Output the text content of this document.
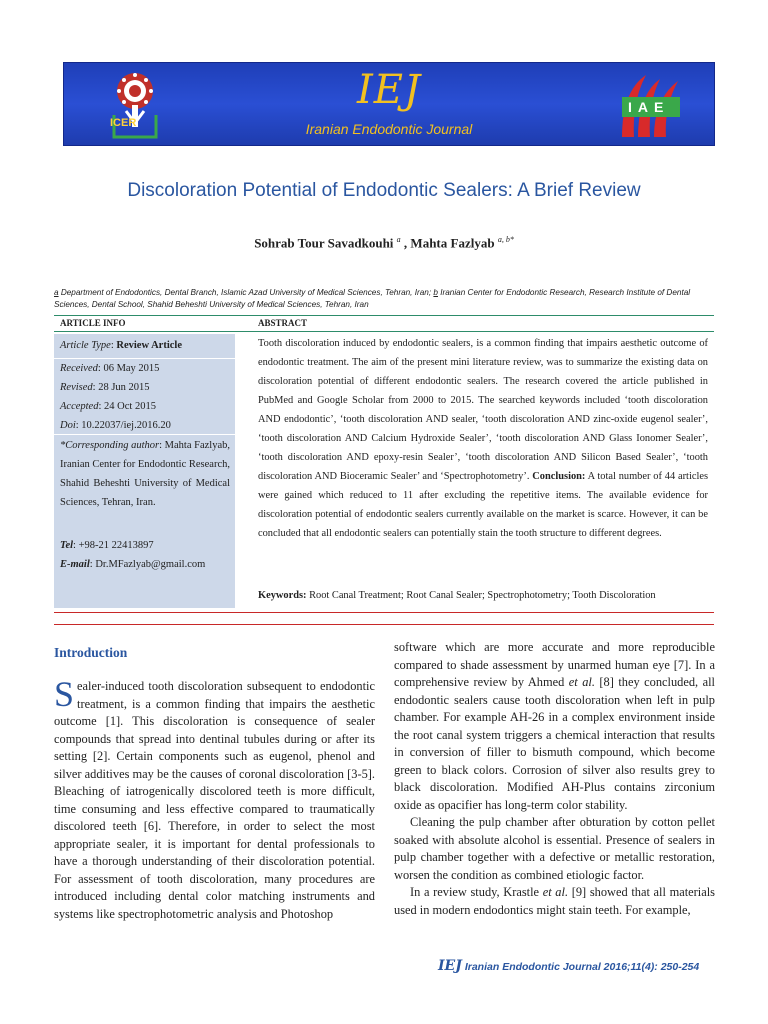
ICER
IEJ
Iranian Endodontic Journal
IAE
Discoloration Potential of Endodontic Sealers: A Brief Review
Sohrab Tour Savadkouhi $^a$ , Mahta Fazlyab $^{a, b*}$
a Department of Endodontics, Dental Branch, Islamic Azad University of Medical Sciences, Tehran, Iran; b Iranian Center for Endodontic Research, Research Institute of Dental Sciences, Dental School, Shahid Beheshti University of Medical Sciences, Tehran, Iran
ARTICLE INFO	ABSTRACT
Article Type: Review Article
Received: 06 May 2015
Revised: 28 Jun 2015
Accepted: 24 Oct 2015
Doi: 10.22037/iej.2016.20
*Corresponding author: Mahta Fazlyab, Iranian Center for Endodontic Research, Shahid Beheshti University of Medical Sciences, Tehran, Iran.
Tel: +98-21 22413897
E-mail: Dr.MFazlyab@gmail.com
Tooth discoloration induced by endodontic sealers, is a common finding that impairs aesthetic outcome of endodontic treatment. The aim of the present mini literature review, was to summarize the existing data on discoloration potential of different endodontic sealers. The research covered the article published in PubMed and Google Scholar from 2000 to 2015. The searched keywords included ‘tooth discoloration AND endodontic’, ‘tooth discoloration AND sealer, ‘tooth discoloration AND zinc-oxide eugenol sealer’, ‘tooth discoloration AND Calcium Hydroxide Sealer’, ‘tooth discoloration AND Glass Ionomer Sealer’, ‘tooth discoloration AND epoxy-resin Sealer’, ‘tooth discoloration AND Silicon Based Sealer’, ‘tooth discoloration AND Bioceramic Sealer’ and ‘Spectrophotometry’. Conclusion: A total number of 44 articles were gained which reduced to 11 after excluding the repetitive items. The available evidence for discoloration potential of endodontic sealers currently available on the market is scarce. However, it can be concluded that all endodontic sealers can potentially stain the tooth structure to different degrees.
Keywords: Root Canal Treatment; Root Canal Sealer; Spectrophotometry; Tooth Discoloration
Introduction
Sealer-induced tooth discoloration subsequent to endodontic treatment, is a common finding that impairs the aesthetic outcome [1]. This discoloration is consequence of sealer compounds that spread into dentinal tubules during or after its setting [2]. Certain components such as eugenol, phenol and silver additives may be the causes of coronal discoloration [3-5]. Bleaching of iatrogenically discolored teeth is more difficult, time consuming and less effective compared to traumatically discolored teeth [6]. Therefore, in order to select the most appropriate sealer, it is important for dental professionals to have a thorough understanding of their discoloration potential. For assessment of tooth discoloration, many procedures are introduced including dental color matching instruments and systems like spectrophotometric analysis and Photoshop

software which are more accurate and more reproducible compared to shade assessment by unarmed human eye [7]. In a comprehensive review by Ahmed et al. [8] they concluded, all endodontic sealers cause tooth discoloration when left in pulp chamber. For example AH-26 in a complex environment inside the root canal system triggers a chemical interaction that results in conversion of filler to bismuth compound, which become green to black colors. Corrosion of silver also results grey to black discoloration. Modified AH-Plus contains zirconium oxide as opacifier has long-term color stability.

Cleaning the pulp chamber after obturation by cotton pellet soaked with absolute alcohol is essential. Presence of sealers in pulp chamber together with a defective or metallic restoration, worsen the condition as combined etiologic factor.

In a review study, Krastle et al. [9] showed that all materials used in modern endodontics might stain teeth. For example,

IEJ Iranian Endodontic Journal 2016;11(4): 250-254
